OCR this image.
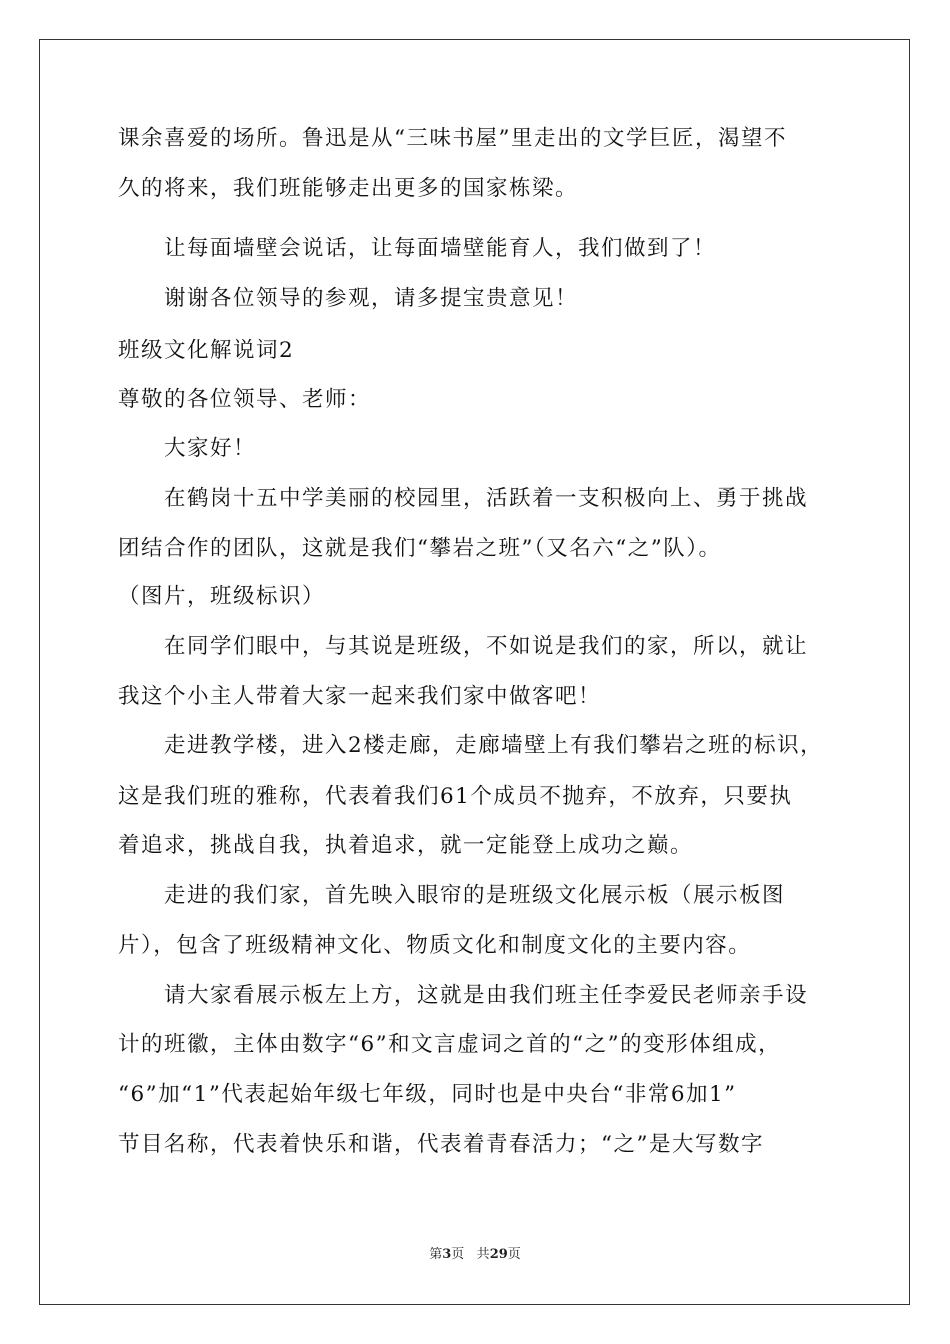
课余喜爱的场所。鲁迅是从“三味书屋”里走出的文学巨匠，渴望不
久的将来，我们班能够走出更多的国家栋梁。
让每面墙壁会说话，让每面墙壁能育人，我们做到了！
谢谢各位领导的参观，请多提宝贵意见！
班级文化解说词2
尊敬的各位领导、老师：
大家好！
在鹤岗十五中学美丽的校园里，活跃着一支积极向上、勇于挑战
团结合作的团队，这就是我们“攀岩之班”（又名六“之”队）。
（图片，班级标识）
在同学们眼中，与其说是班级，不如说是我们的家，所以，就让
我这个小主人带着大家一起来我们家中做客吧！
走进教学楼，进入2楼走廊，走廊墙壁上有我们攀岩之班的标识，
这是我们班的雅称，代表着我们61个成员不抛弃，不放弃，只要执
着追求，挑战自我，执着追求，就一定能登上成功之巅。
走进的我们家，首先映入眼帘的是班级文化展示板（展示板图
片），包含了班级精神文化、物质文化和制度文化的主要内容。
请大家看展示板左上方，这就是由我们班主任李爱民老师亲手设
计的班徽，主体由数字“6”和文言虚词之首的“之”的变形体组成，
“6”加“1”代表起始年级七年级，同时也是中央台“非常6加1”
节目名称，代表着快乐和谐，代表着青春活力；“之”是大写数字
第3页 共29页
